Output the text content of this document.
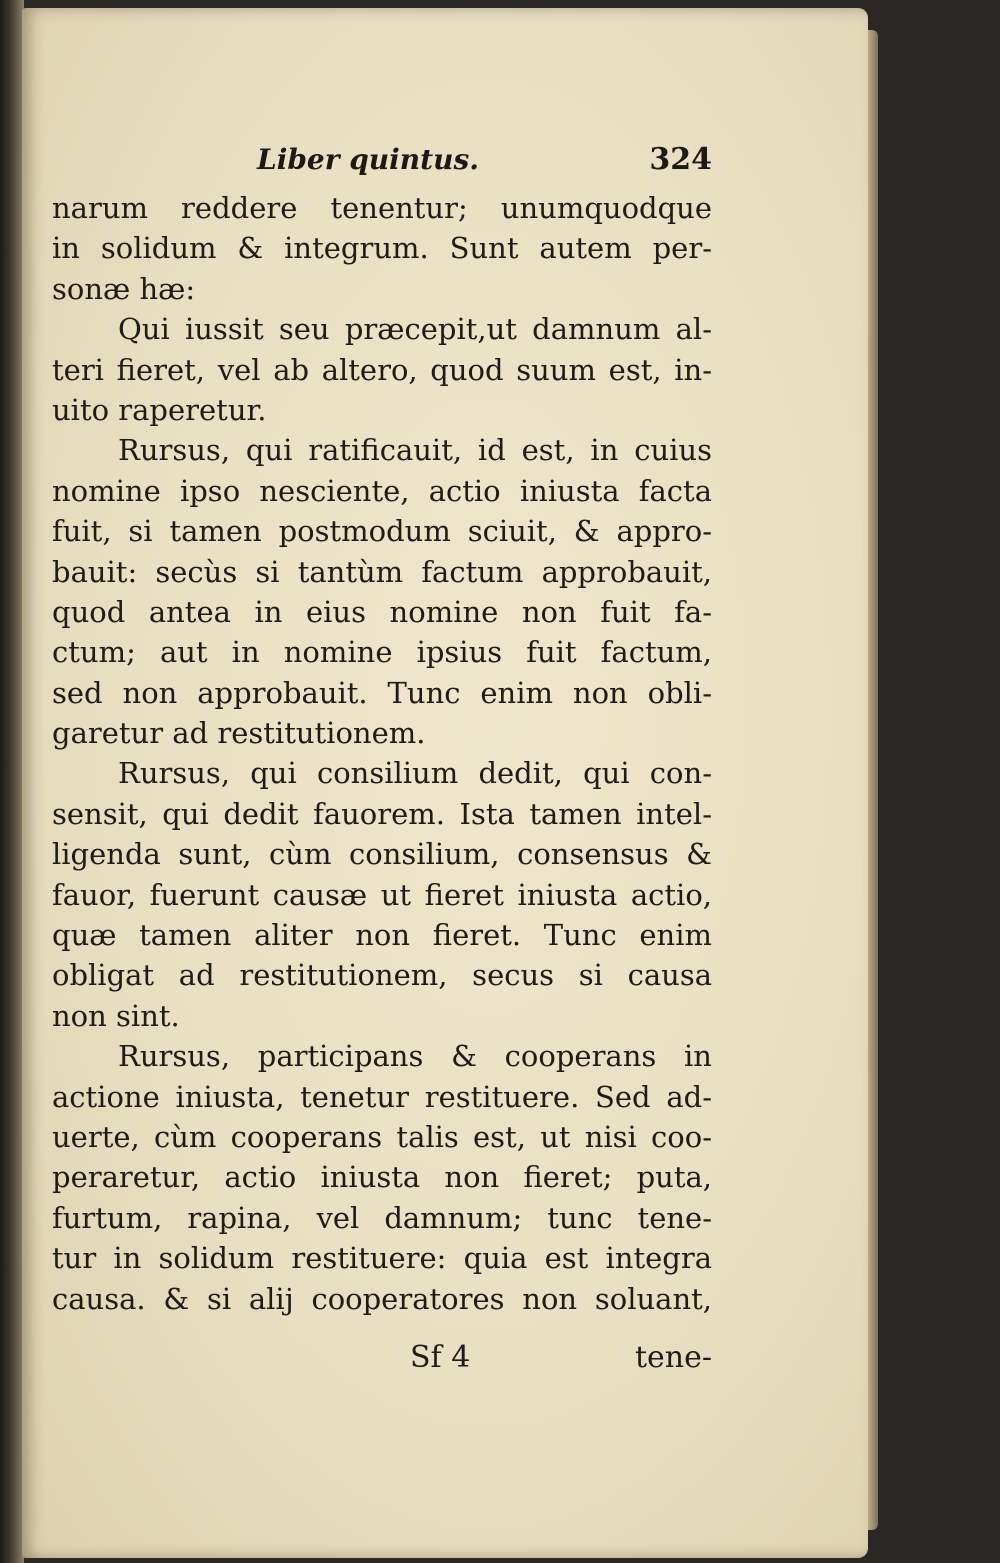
Liber quintus.	324
narum reddere tenentur; unumquodque
in solidum & integrum. Sunt autem per-
sonæ hæ:
Qui iussit seu præcepit,ut damnum al-
teri fieret, vel ab altero, quod suum est, in-
uito raperetur.
Rursus, qui ratificauit, id est, in cuius
nomine ipso nesciente, actio iniusta facta
fuit, si tamen postmodum sciuit, & appro-
bauit: secùs si tantùm factum approbauit,
quod antea in eius nomine non fuit fa-
ctum; aut in nomine ipsius fuit factum,
sed non approbauit. Tunc enim non obli-
garetur ad restitutionem.
Rursus, qui consilium dedit, qui con-
sensit, qui dedit fauorem. Ista tamen intel-
ligenda sunt, cùm consilium, consensus &
fauor, fuerunt causæ ut fieret iniusta actio,
quæ tamen aliter non fieret. Tunc enim
obligat ad restitutionem, secus si causa
non sint.
Rursus, participans & cooperans in
actione iniusta, tenetur restituere. Sed ad-
uerte, cùm cooperans talis est, ut nisi coo-
peraretur, actio iniusta non fieret; puta,
furtum, rapina, vel damnum; tunc tene-
tur in solidum restituere: quia est integra
causa. & si alij cooperatores non soluant,
Sf 4	tene-
